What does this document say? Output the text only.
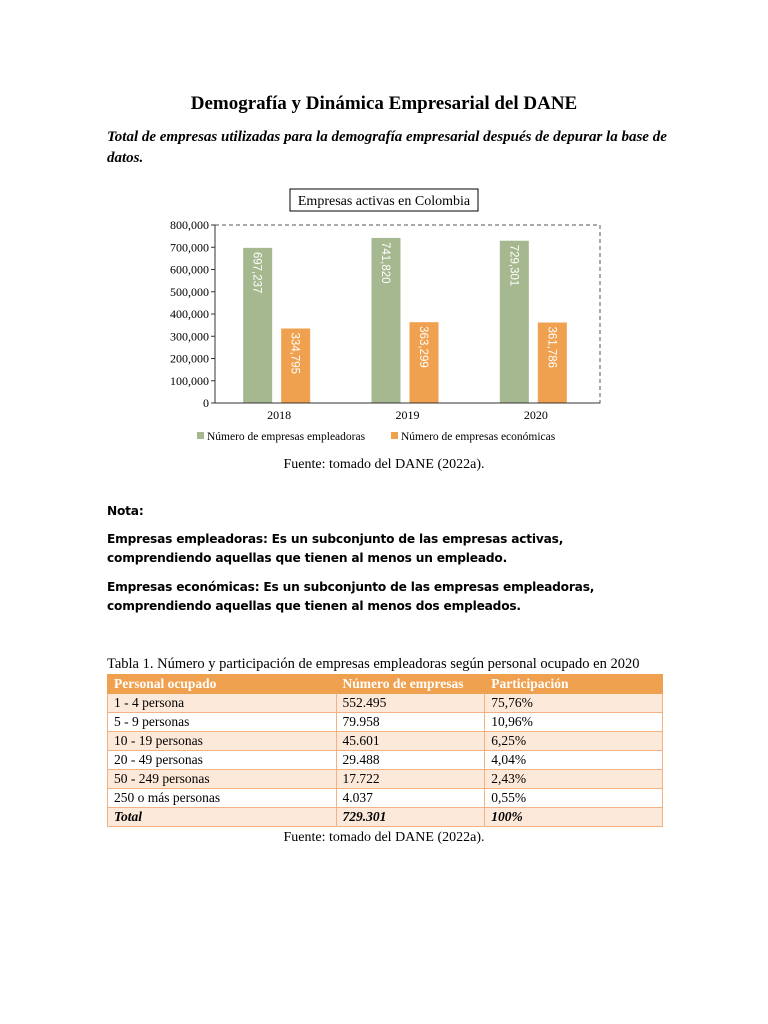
Demografía y Dinámica Empresarial del DANE
Total de empresas utilizadas para la demografía empresarial después de depurar la base de datos.
Empresas activas en Colombia
0
100,000
200,000
300,000
400,000
500,000
600,000
700,000
800,000
697,237
334,795
2018
741,820
363,299
2019
729,301
361,786
2020
Número de empresas empleadoras	Número de empresas económicas
Fuente: tomado del DANE (2022a).

Nota:

Empresas empleadoras: Es un subconjunto de las empresas activas, comprendiendo aquellas que tienen al menos un empleado.

Empresas económicas: Es un subconjunto de las empresas empleadoras, comprendiendo aquellas que tienen al menos dos empleados.

Tabla 1. Número y participación de empresas empleadoras según personal ocupado en 2020
Personal ocupado	Número de empresas	Participación
1 - 4 persona	552.495	75,76%
5 - 9 personas	79.958	10,96%
10 - 19 personas	45.601	6,25%
20 - 49 personas	29.488	4,04%
50 - 249 personas	17.722	2,43%
250 o más personas	4.037	0,55%
Total	729.301	100%
Fuente: tomado del DANE (2022a).
